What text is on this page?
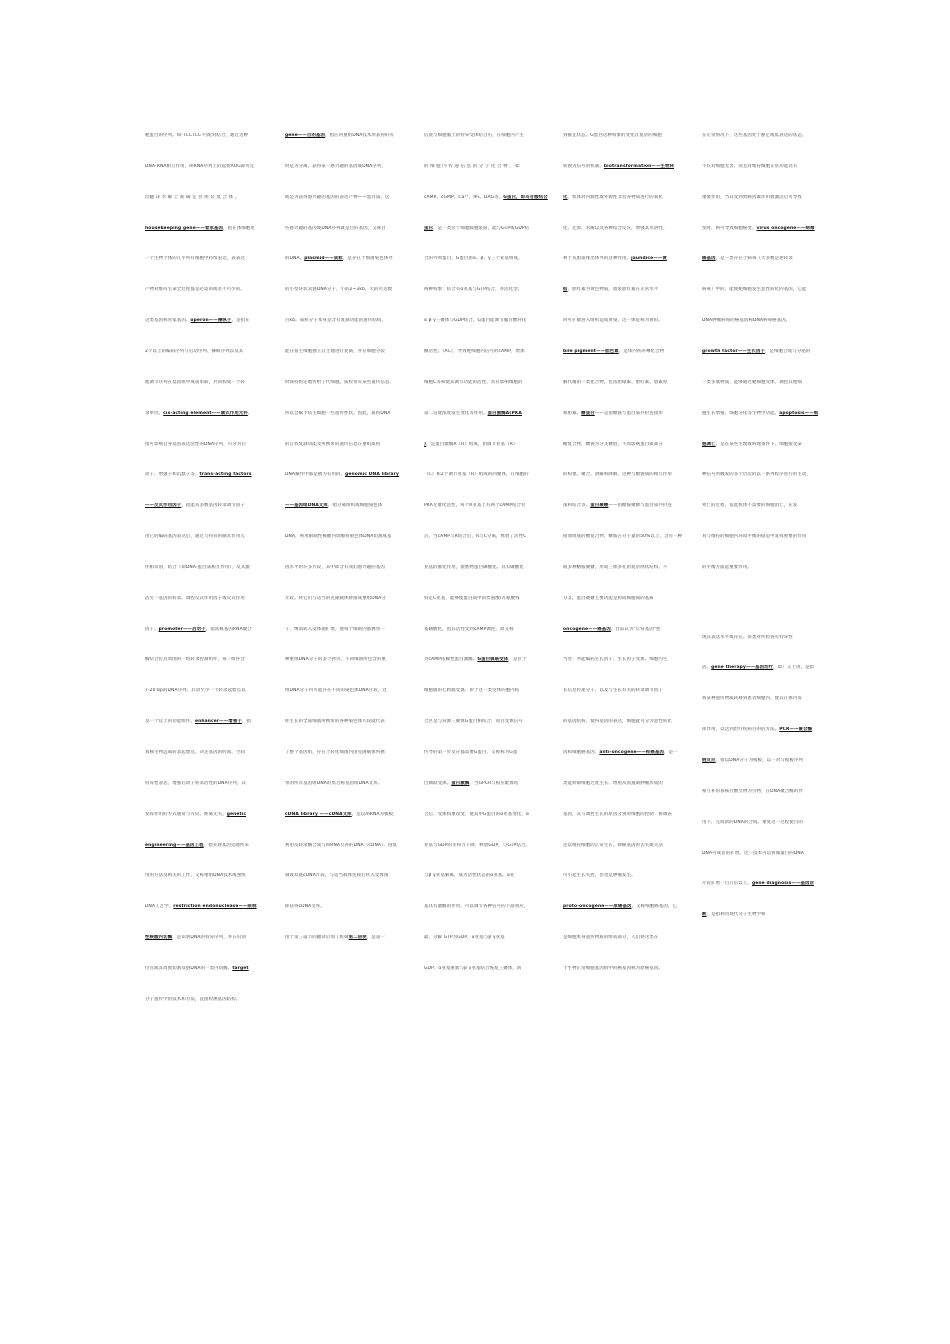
靶蛋白的序列。如-TCCTCC-可配对结合，通过这种
DNA-RNA相互作用，mRNA序列上的起始AUG即可定
位翻 译 水 解 上 准 确 定 位 组 装 复 合 体 。
housekeeping gene——管家基因，指在体细胞里
一个生物个体的几乎所有细胞中持续表达，表表达
产物对维持生命全过程都是必需的或者不可少的。
这类基因称管家基因。operon——操纵子，是指在
2个以上的编码序列与启动序列、操纵序列以及其
他调节序列在基因组中成簇串联，共同构成一个转
录单位。cis-acting element——顺式作用元件，
指可影响自身基因表达活性的DNA序列，可分为启
动子、增强子和沉默子等。trans-acting factors
——反式作用因子，指能从多数基因转录调节因子
由它的编码基因表达后，通过与特异的顺式作用元
件相识别，结合（即DNA-蛋白质相互作用），反式激
活另一基因的转录。调控反式作用因子或反式作用
因子。promoter——启动子，指真核基因RNA聚合
酶结合位点周围的一组转录控制组件，每一组件含
7-20 bp的DNA序列。启动至少一个转录起始点以
及一个以上的功能组件。enhancer——增强子，指
真核生物远离转录起始点，决定基因的时间、空间
特异性表达，增强启动子转录活性的DNA序列，其
发挥作用的方式通常与方向、距离无关。genetic
engineering——基因工程，指实现基因克隆所采
用的方法及相关的工作，又称重组DNA技术或重组
DNA工艺学。restriction endonuclease——限制
性核酸内切酶，是识别DNA的特异序列，并在识别
位点或其周围切割双链DNA的一类内切酶。target
分子遗传学的技术和方法，直接检测基因结构。
gene——目的基因，指应用重组DNA技术所获得的有
时是为分离、获得某一感兴趣的基因或DNA序列，
或是为获得感兴趣的基因的表达产物——蛋白质。这
些感兴趣的基因或DNA序列就是目的基因，又称目
的DNA。plasmid——质粒，是存在于细菌染色体外
的小型环状双链DNA分子，小的2~3kb，大的可达数
百kb。质粒分子本身是含有复制功能的遗传结构，
能在宿主细胞独立自主地进行复制，并在细胞分裂
时保持恒定地传给子代细胞。质粒带有某些遗传信息，
所以会赋予宿主细胞一些遗传性状。因此，质粒DNA
的自我复制功能及所携带的遗传信息在重组质粒
DNA操作中都是极为有用的。genomic DNA library
——基因组DNA文库，指分离组织或细胞染色体
DNA，利用限制性核酸内切酶将染色体DNA切割成基
因水平的许多片段，其中即含有我们感兴趣的基因
片段。将它们与适当的克隆载体拼接成重组DNA分
子，继而转入受体菌扩增，使每个细菌内都携带一
种重组DNA分子的多个拷贝。不同细菌所包含的重
组DNA分子内可能存在不同的染色体DNA片段，这
样生长的全部细菌所携带的各种染色体片段就代表
了整个基因组，存在于转化细菌内由克隆载体所携
带的所有基因组DNA的集合称基因组DNA文库。
cDNA library ——cDNA文库，是以mRNA为模板，
利用反转录酶合成与mRNA互补的DNA（cDNA），再复
制成双链cDNA片段，与适当载体连接后转入受体菌
即获得cDNA文库。
由于第三篇节的翻译后加工机制第二信使，是第一
信使与细胞膜上的特异受体结合后，在细胞内产生
的 细 胞 内 传 递 信 息 的 分 子 化 合 物 ， 如
cAMP、cGMP、Ca²⁺、IP₃、DAG等。G蛋白，即鸟苷酸结合
蛋白，是一类位于细胞膜胞浆面，能与GTP或GDP结
合的外周蛋白，G蛋白由α、β、γ三个亚基组成。
两种构象：结合有α亚基与GTP结合，并活化型；
α β γ三聚体与GDP结合，G蛋白能调节腺苷酸环化
酶活性。（AC），导致靶细胞内信号的cAMP，增加
细胞C等和使其调节功能的活性。具有影响细胞的
第二信使浓度发生变化等作用。蛋白激酶A(PKA
)，是蛋白激酶A（R）组成，由调节亚基（R）
（C）和2个调节亚基（R）组成的四聚体，在细胞的
PKA无催化活性，每个R亚基上有两个cAMP结合位
点，当cAMP与R结合后，R与C分离，释放了活性C
亚基的催化作用，使底物蛋白磷酸化。具有磷酸化
特定C亚基，能够使蛋白质中的丝氨酸/苏氨酸残
基磷酸化，因其活性受到cAMP调控，故又称
为cAMP依赖性蛋白激酶。G蛋白偶联受体，是位于
细胞膜的七跨膜受体，由于这一类受体的胞内结
合区是与异源三聚体G蛋白相结合，而且受体信号
传导的第一步反应都需要G蛋白，又被称为G蛋
白偶联受体。蛋白激酶，当GPCR与相应配体结
合后，受体构象改变，使其中G蛋白的α亚基变化，α
亚基与GDP的亲和力下降，释放GDP，与GTP结合。
与β γ亚基解离，成为活性状态的α亚基。α亚
基具有激酶的作用，可以调节各种信号的下游效应，
最，分解 GTP为GDP，α亚基与β γ亚基
GDP。α亚基重新与β γ亚基结合恢复三聚体，回
到静止状态。G蛋白这种构象的变化在复杂的细胞
转换为信号的机制。biotransformation——生物转
化，机体对内源性或外源性非营养物质进行的氧化
化、还原、水解以及各种结合反应，增强其水溶性。
利于从胆道排出体外的这种作用。jaundice——黄
疸，胆红素为黄色物质，血浆胆红素在正常水平
时可扩散进入组织造成黄染，这一体征称为黄疸。
bile pigment——胆色素，是体内铁卟啉化合物
解代谢的一类化合物，包括胆绿素、胆红素、胆素原
和胆素。糖蛋白——是由糖链与蛋白质共价连接形
糖复合物，糖链为分支糖链，不同影响蛋白质部分
的构象。聚合，溶解和降解，这种与糖链间的相互作用
深和结合等。蛋白聚糖——由糖胺聚糖与蛋白质共价连
接而组成的糖复合物，糖胺占分子量的50%以上，含有一种
或多种糖胺聚糖，形成三维多孔的复杂网状结构。不
分支，蛋白聚糖主要功能是构成细胞间的基质
oncogene——癌基因，目前认为"正常基因"控
当处：共能编码生长因子、生长因子受体、细胞内生
长信息传递分子，以及与生长有关的转录调节因子
的基因结构，使得基因的表达，细胞就可分为恶性转化
因和细胞癌基因，anti-oncogene——抑癌基因，是一
类能抑制细胞过度生长、增殖从而遏制肿瘤形成的
基因，其与调控生长的原因分别对细胞的控制：协调表
达以维持细胞的正常生长。抑癌基因的丢失或失活
可引起生长失控，但也是肿瘤发生。
proto-oncogene——原癌基因，又称细胞癌基因，它
是细胞本身遗传物质的组成部分，人们将这类在
于生物正常细胞基因组中的癌基因称为原癌基因。
在正常情况下，这些基因处于静止或低表达的状态，
不仅对细胞无害，而且对维持细胞正常功能具有
重要作用，当其受到致癌因素作用被激活后可导致
变时，则可导致细胞癌变。virus oncogene——病毒
癌基因，是一类存在于病毒（大多数是逆转录
病毒）中的，能使靶细胞发生恶性转化的基因，它能
DNA肿瘤病毒的癌基因称DNA病毒癌基因，
growth factor——生长因子，是细胞合成与分泌的
一类多肽物质，能够通过靶细胞受体，调控其他细
胞生长增殖，细胞分化等生物学功能。apoptosis——细
胞凋亡，是在某些生理或病理条件下，细胞接受某
种信号所触发的多个层次的以一系列程序进行的主动，
死亡的过程，借此机体不需要的细胞消亡，在发
育与维持的细胞内环境平衡的稳态中发挥重要的作用
的平衡方面起重要作用。
现其表达水平或存在。该类对所检查有特异性
活。gene therapy——基因治疗，即广义上讲，是指
将某种遗传物质转移到患者细胞内，使其在体内发
挥作用，以达到治疗疾病目的的方法。PCR——聚合酶
链反应，指以DNA分子为模板，以一对与模板序列
相互补的寡核苷酸引物为引物，在DNA聚合酶的作
用下，完成新的DNA的合成。重复这一过程使目的
DNA可成倍的扩增。这一技术可以将微量目的DNA
片段扩增一百万倍以上。gene diagnosis——基因诊
断，是指利用现代分子生物学和
